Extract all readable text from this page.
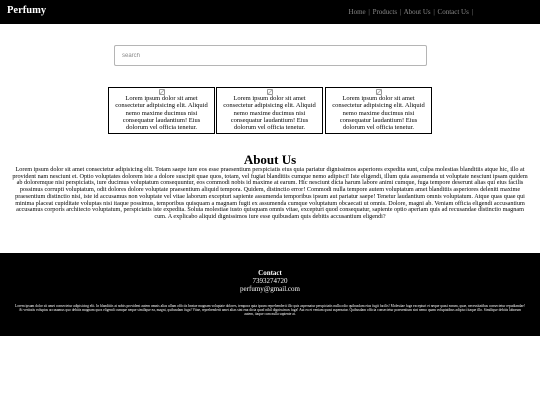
Perfumy	Home | Products | About Us | Contact Us |
search
Lorem ipsum dolor sit amet consectetur adipisicing elit. Aliquid nemo maxime ducimus nisi consequatur laudantium! Eius dolorum vel officia tenetur.
Lorem ipsum dolor sit amet consectetur adipisicing elit. Aliquid nemo maxime ducimus nisi consequatur laudantium! Eius dolorum vel officia tenetur.
Lorem ipsum dolor sit amet consectetur adipisicing elit. Aliquid nemo maxime ducimus nisi consequatur laudantium! Eius dolorum vel officia tenetur.
About Us

Lorem ipsum dolor sit amet consectetur adipisicing elit. Totam saepe iure eos esse praesentium perspiciatis eius quia pariatur dignissimos asperiores expedita sunt, culpa molestias blanditiis atque hic, illo at provident nam nesciunt et. Optio voluptates dolorem iste a dolore suscipit quae quos, totam, vel fugiat blanditiis cumque nemo adipisci! Iste eligendi, illum quia assumenda ut voluptate nesciunt ipsam quidem ab doloremque nisi perspiciatis, iure ducimus voluptatum consequuntur, eos commodi nobis id maxime at earum. Hic nesciunt dicta harum labore animi cumque, fuga tempore deserunt alias qui eius facilis possimus corrupti voluptatum, odit dolores dolore voluptate praesentium aliquid tempora. Quidem, distinctio error! Commodi nulla tempore autem voluptatum amet blanditiis asperiores deleniti maxime praesentium distinctio nisi, iste id accusamus non voluptate vel vitae laborum excepturi sapiente assumenda temporibus ipsum aut pariatur saepe! Tenetur laudantium omnis voluptatum. Atque quas quae qui minima placeat cupiditate voluptas nisi itaque possimus, temporibus quisquam a magnam fugit ex assumenda cumque voluptatum obcaecati ut omnis. Dolore, magni ab. Veniam officia eligendi accusantium accusamus corporis architecto voluptatum, perspiciatis iste expedita. Soluta molestiae iusto quisquam omnis vitae, excepturi quod consequatur, sapiente optio aperiam quis ad recusandae distinctio magnam cum. A explicabo aliquid dignissimos iure esse quibusdam quis debitis accusantium eligendi?

Contact
7393274720
perfumy@gmail.com
Lorem ipsum dolor sit amet consectetur adipisicing elit. In blanditiis at nobis provident autem omnis alias ullam officiis beatae magnam voluptate dolores, tempora quia ipsum reprehenderit illo quis aspernatur perspiciatis nulla odio quibusdam eius fugit facilis! Molestiae fuga excepturi et neque quasi earum, quae, necessitatibus consectetur repudiandae! At veritatis voluptas accusamus quo debitis magnam quos eligendi cumque neque similique ea, magni, quibusdam fuga! Vitae, reprehenderit amet alias sint ena dicta quod nihil dignissimos fuga! Aut ea et veniam quasi aspernatur. Quibusdam officia consectetur praesentium sint nemo quam voluptatibus adipisci itaque illo. Similique debitis laborum autem, itaque cum nulla sapiente at.
